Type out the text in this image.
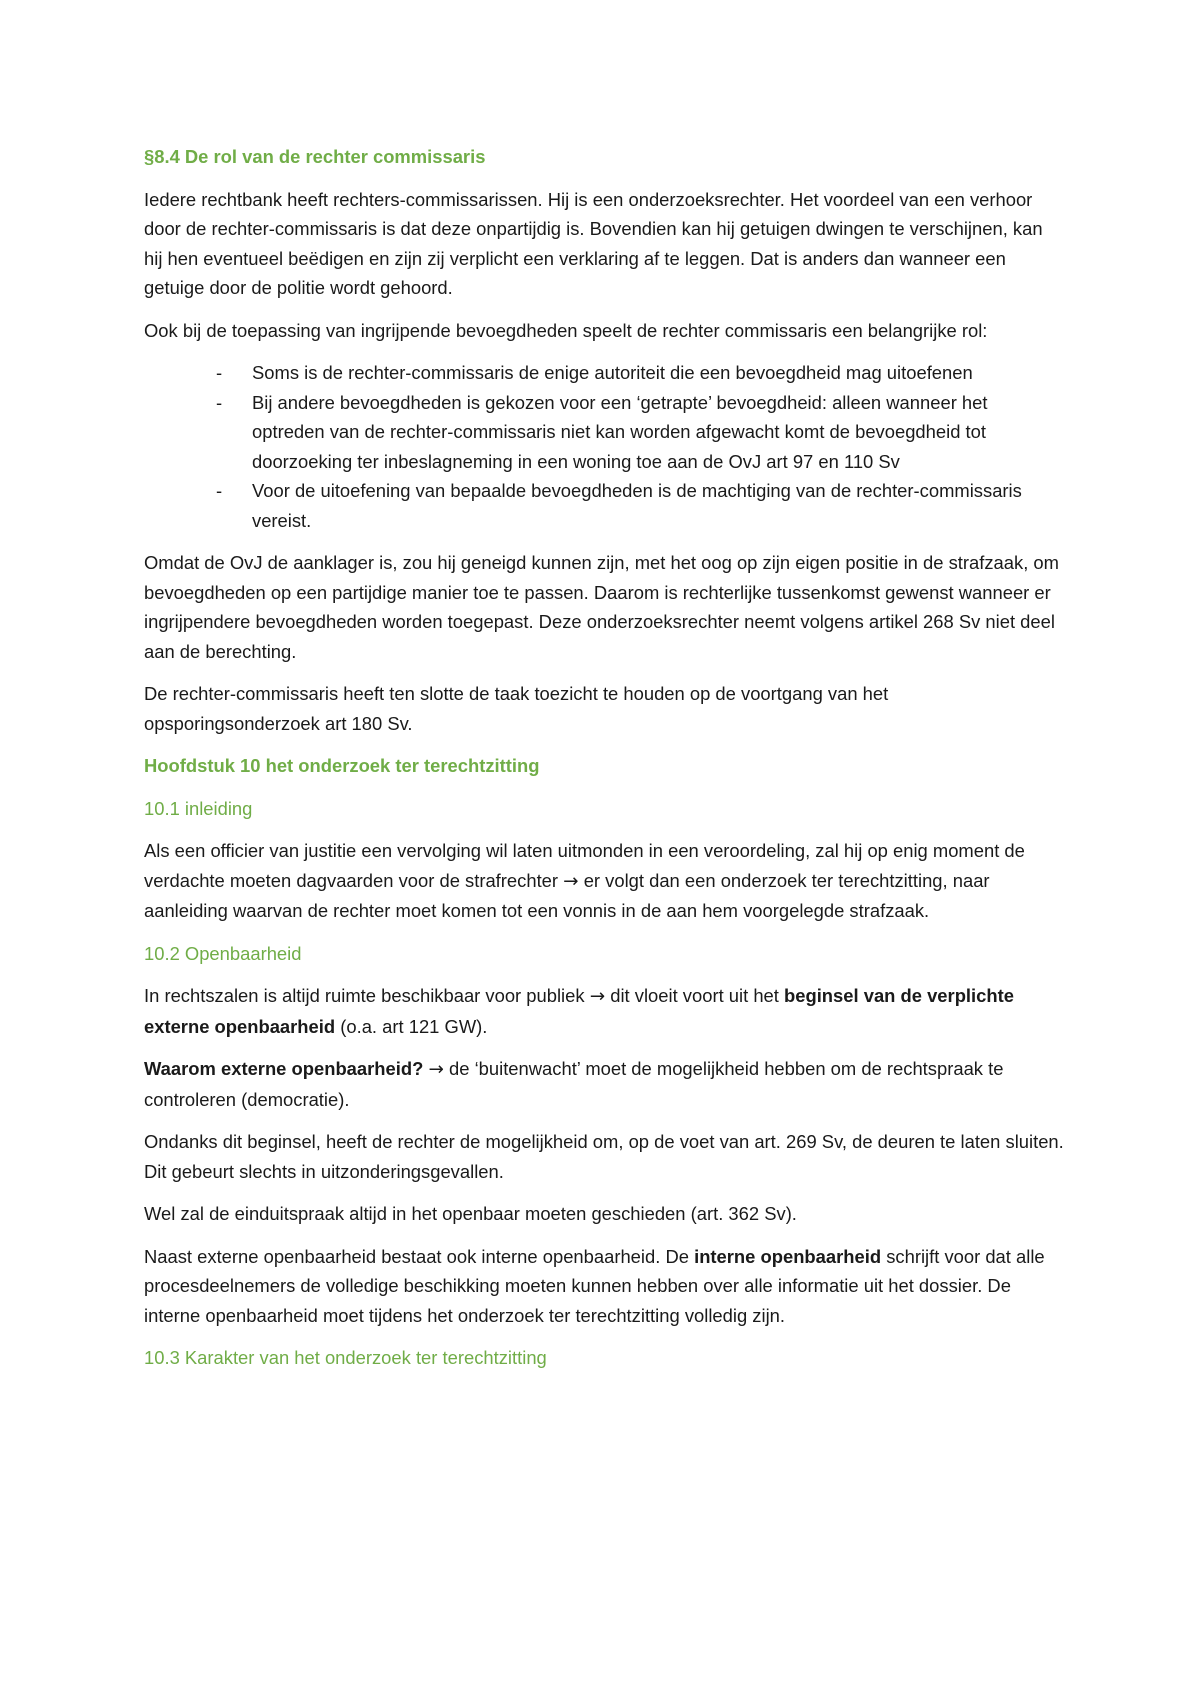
§8.4 De rol van de rechter commissaris

Iedere rechtbank heeft rechters-commissarissen. Hij is een onderzoeksrechter. Het voordeel van een verhoor door de rechter-commissaris is dat deze onpartijdig is. Bovendien kan hij getuigen dwingen te verschijnen, kan hij hen eventueel beëdigen en zijn zij verplicht een verklaring af te leggen. Dat is anders dan wanneer een getuige door de politie wordt gehoord.

Ook bij de toepassing van ingrijpende bevoegdheden speelt de rechter commissaris een belangrijke rol:

- Soms is de rechter-commissaris de enige autoriteit die een bevoegdheid mag uitoefenen
- Bij andere bevoegdheden is gekozen voor een ‘getrapte’ bevoegdheid: alleen wanneer het optreden van de rechter-commissaris niet kan worden afgewacht komt de bevoegdheid tot doorzoeking ter inbeslagneming in een woning toe aan de OvJ art 97 en 110 Sv
- Voor de uitoefening van bepaalde bevoegdheden is de machtiging van de rechter-commissaris vereist.

Omdat de OvJ de aanklager is, zou hij geneigd kunnen zijn, met het oog op zijn eigen positie in de strafzaak, om bevoegdheden op een partijdige manier toe te passen. Daarom is rechterlijke tussenkomst gewenst wanneer er ingrijpendere bevoegdheden worden toegepast. Deze onderzoeksrechter neemt volgens artikel 268 Sv niet deel aan de berechting.

De rechter-commissaris heeft ten slotte de taak toezicht te houden op de voortgang van het opsporingsonderzoek art 180 Sv.

Hoofdstuk 10 het onderzoek ter terechtzitting
10.1 inleiding

Als een officier van justitie een vervolging wil laten uitmonden in een veroordeling, zal hij op enig moment de verdachte moeten dagvaarden voor de strafrechter → er volgt dan een onderzoek ter terechtzitting, naar aanleiding waarvan de rechter moet komen tot een vonnis in de aan hem voorgelegde strafzaak.

10.2 Openbaarheid

In rechtszalen is altijd ruimte beschikbaar voor publiek → dit vloeit voort uit het beginsel van de verplichte externe openbaarheid (o.a. art 121 GW).

Waarom externe openbaarheid? → de ‘buitenwacht’ moet de mogelijkheid hebben om de rechtspraak te controleren (democratie).

Ondanks dit beginsel, heeft de rechter de mogelijkheid om, op de voet van art. 269 Sv, de deuren te laten sluiten. Dit gebeurt slechts in uitzonderingsgevallen.

Wel zal de einduitspraak altijd in het openbaar moeten geschieden (art. 362 Sv).

Naast externe openbaarheid bestaat ook interne openbaarheid. De interne openbaarheid schrijft voor dat alle procesdeelnemers de volledige beschikking moeten kunnen hebben over alle informatie uit het dossier. De interne openbaarheid moet tijdens het onderzoek ter terechtzitting volledig zijn.

10.3 Karakter van het onderzoek ter terechtzitting
